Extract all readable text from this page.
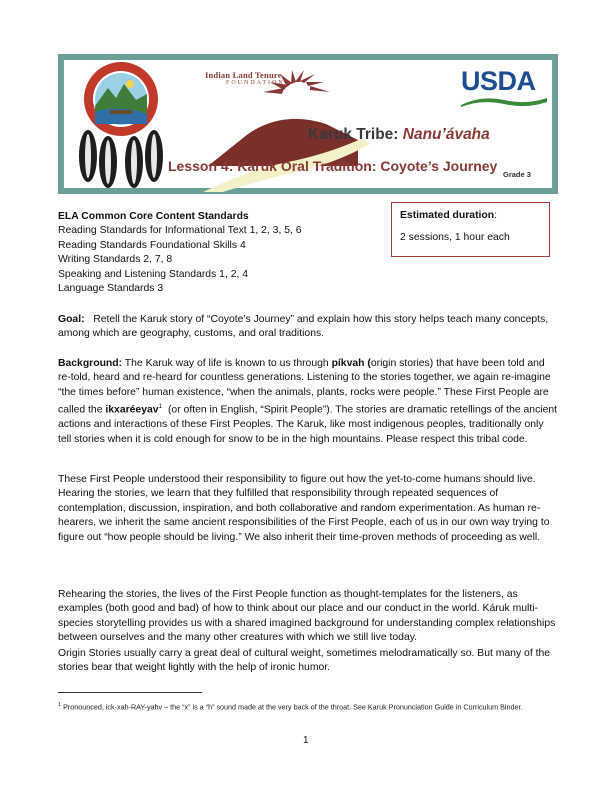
Indian Land Tenure
FOUNDATION	USDA
Karuk Tribe: Nanu’ávaha
Lesson 4: Karuk Oral Tradition: Coyote’s Journey
Grade 3
ELA Common Core Content Standards
Reading Standards for Informational Text 1, 2, 3, 5, 6
Reading Standards Foundational Skills 4
Writing Standards 2, 7, 8
Speaking and Listening Standards 1, 2, 4
Language Standards 3
Estimated duration:
2 sessions, 1 hour each
Goal: Retell the Karuk story of “Coyote’s Journey” and explain how this story helps teach many concepts, among which are geography, customs, and oral traditions.
Background: The Karuk way of life is known to us through píkvah (origin stories) that have been told and re-told, heard and re-heard for countless generations. Listening to the stories together, we again re-imagine “the times before” human existence, “when the animals, plants, rocks were people.” These First People are called the ikxaréeyav$^1$ (or often in English, “Spirit People”). The stories are dramatic retellings of the ancient actions and interactions of these First Peoples. The Karuk, like most indigenous peoples, traditionally only tell stories when it is cold enough for snow to be in the high mountains. Please respect this tribal code.
These First People understood their responsibility to figure out how the yet-to-come humans should live. Hearing the stories, we learn that they fulfilled that responsibility through repeated sequences of contemplation, discussion, inspiration, and both collaborative and random experimentation. As human re-hearers, we inherit the same ancient responsibilities of the First People, each of us in our own way trying to figure out “how people should be living.” We also inherit their time-proven methods of proceeding as well.
Rehearing the stories, the lives of the First People function as thought-templates for the listeners, as examples (both good and bad) of how to think about our place and our conduct in the world. Káruk multi-species storytelling provides us with a shared imagined background for understanding complex relationships between ourselves and the many other creatures with which we still live today.
Origin Stories usually carry a great deal of cultural weight, sometimes melodramatically so. But many of the stories bear that weight lightly with the help of ironic humor.
$^1$ Pronounced, ick-xah-RAY-yahv – the “x” is a “h” sound made at the very back of the throat. See Karuk Pronunciation Guide in Curriculum Binder.
1
